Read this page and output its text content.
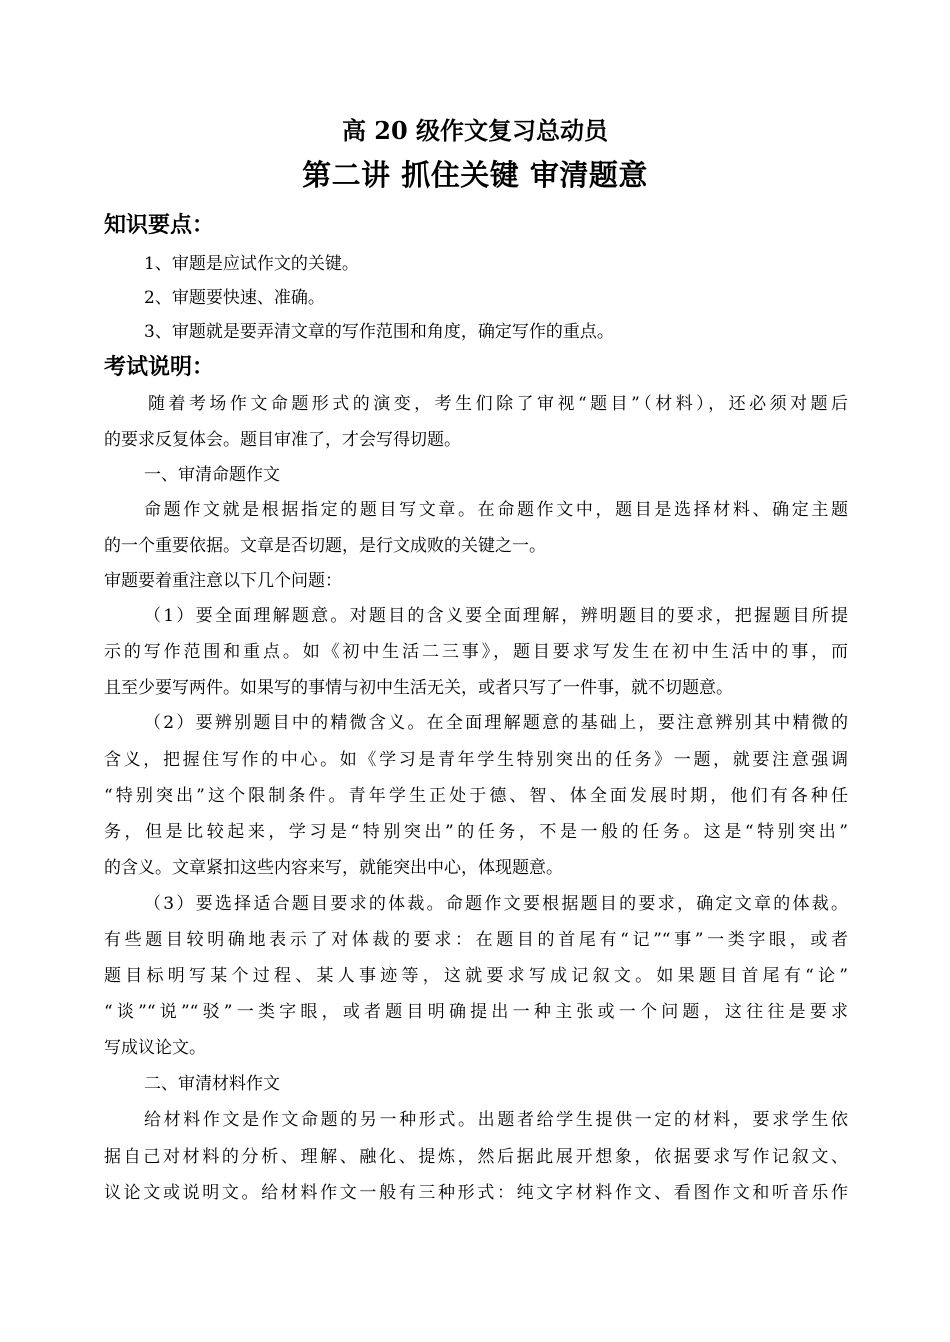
高 20 级作文复习总动员
第二讲 抓住关键 审清题意
知识要点：
1、审题是应试作文的关键。
2、审题要快速、准确。
3、审题就是要弄清文章的写作范围和角度，确定写作的重点。
考试说明：
随着考场作文命题形式的演变，考生们除了审视“题目”（材料），还必须对题后
的要求反复体会。题目审准了，才会写得切题。
一、审清命题作文
命题作文就是根据指定的题目写文章。在命题作文中，题目是选择材料、确定主题
的一个重要依据。文章是否切题，是行文成败的关键之一。
审题要着重注意以下几个问题：
（1）要全面理解题意。对题目的含义要全面理解，辨明题目的要求，把握题目所提
示的写作范围和重点。如《初中生活二三事》，题目要求写发生在初中生活中的事，而
且至少要写两件。如果写的事情与初中生活无关，或者只写了一件事，就不切题意。
（2）要辨别题目中的精微含义。在全面理解题意的基础上，要注意辨别其中精微的
含义，把握住写作的中心。如《学习是青年学生特别突出的任务》一题，就要注意强调
“特别突出”这个限制条件。青年学生正处于德、智、体全面发展时期，他们有各种任
务，但是比较起来，学习是“特别突出”的任务，不是一般的任务。这是“特别突出”
的含义。文章紧扣这些内容来写，就能突出中心，体现题意。
（3）要选择适合题目要求的体裁。命题作文要根据题目的要求，确定文章的体裁。
有些题目较明确地表示了对体裁的要求：在题目的首尾有“记”“事”一类字眼，或者
题目标明写某个过程、某人事迹等，这就要求写成记叙文。如果题目首尾有“论”
“谈”“说”“驳”一类字眼，或者题目明确提出一种主张或一个问题，这往往是要求
写成议论文。
二、审清材料作文
给材料作文是作文命题的另一种形式。出题者给学生提供一定的材料，要求学生依
据自己对材料的分析、理解、融化、提炼，然后据此展开想象，依据要求写作记叙文、
议论文或说明文。给材料作文一般有三种形式：纯文字材料作文、看图作文和听音乐作
